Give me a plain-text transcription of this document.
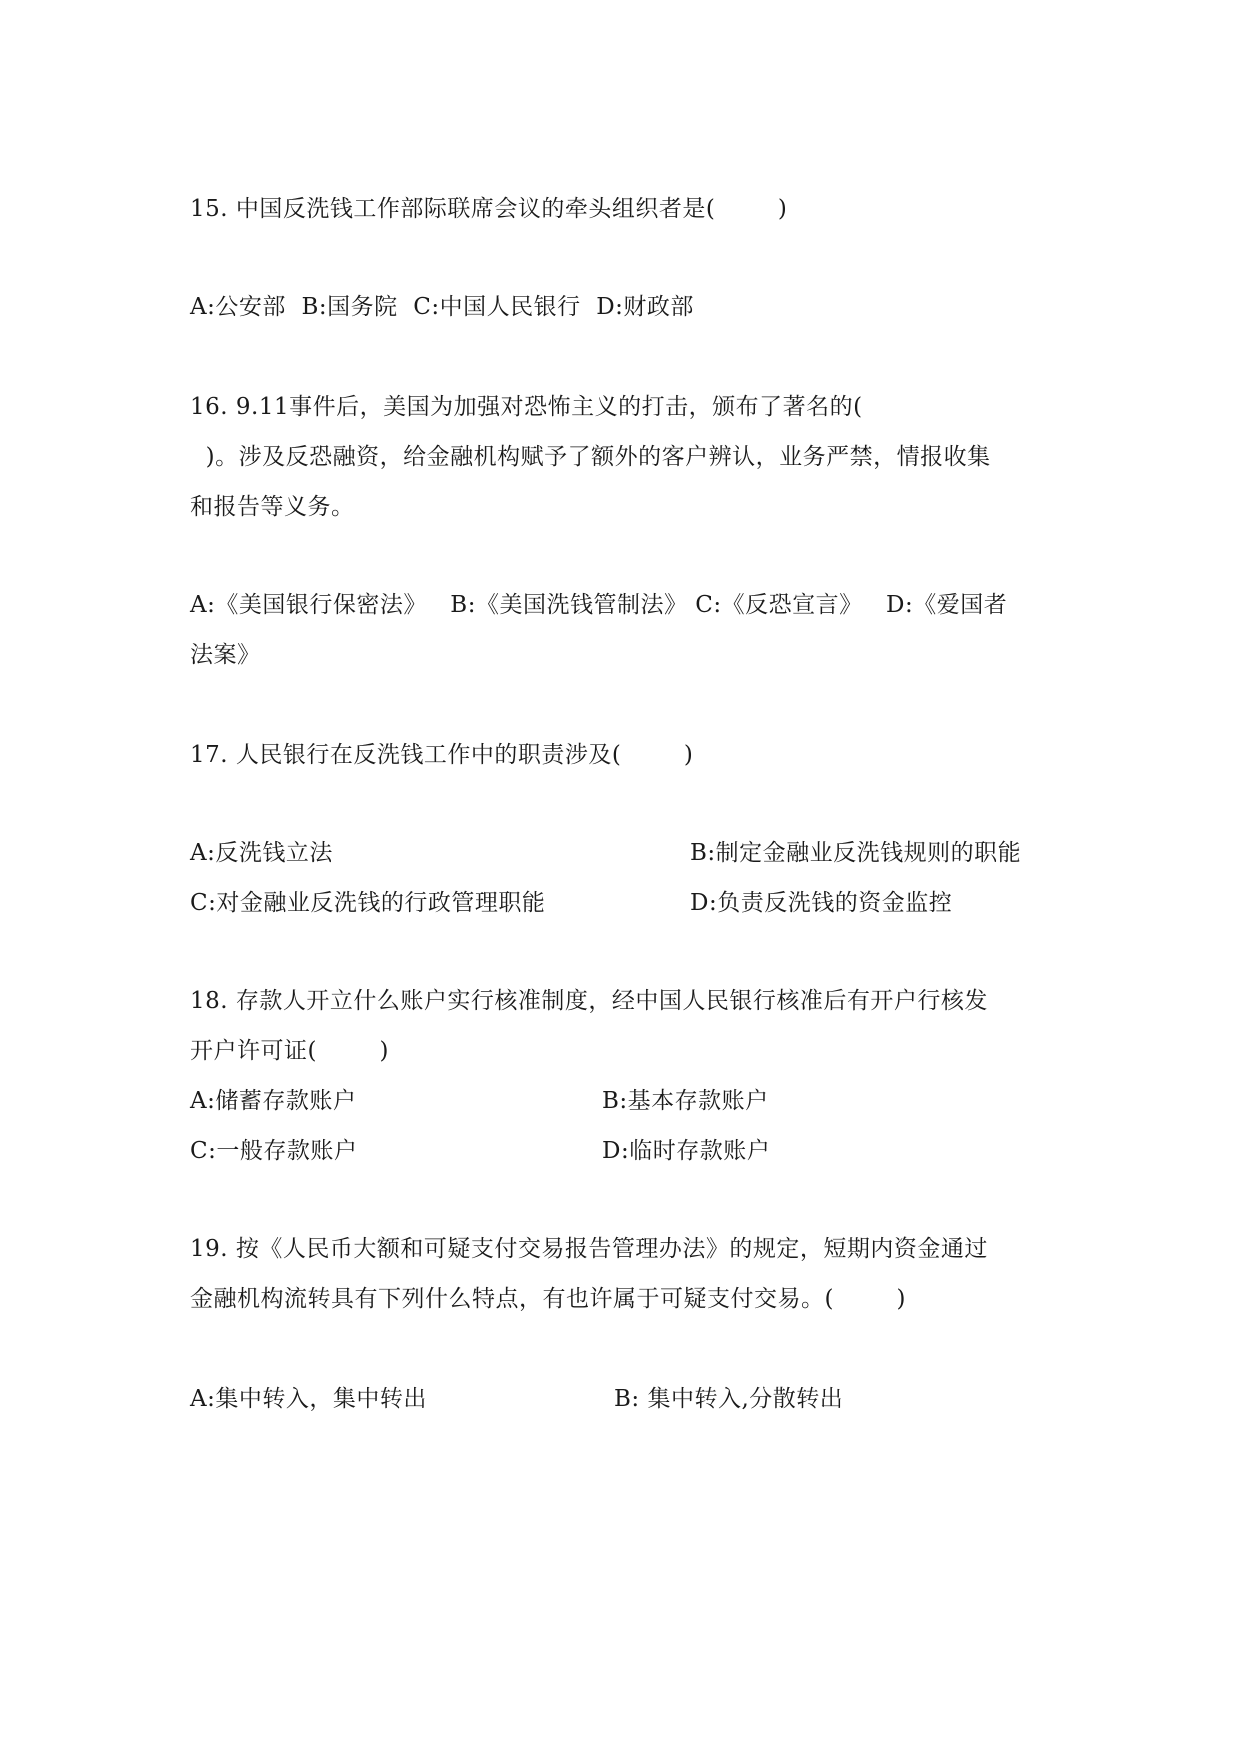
15. 中国反洗钱工作部际联席会议的牵头组织者是(        )
A:公安部  B:国务院  C:中国人民银行  D:财政部
16. 9.11事件后，美国为加强对恐怖主义的打击，颁布了著名的(
)。涉及反恐融资，给金融机构赋予了额外的客户辨认，业务严禁，情报收集
和报告等义务。
A:《美国银行保密法》   B:《美国洗钱管制法》 C:《反恐宣言》   D:《爱国者
法案》
17. 人民银行在反洗钱工作中的职责涉及(        )
A:反洗钱立法	B:制定金融业反洗钱规则的职能
C:对金融业反洗钱的行政管理职能	D:负责反洗钱的资金监控
18. 存款人开立什么账户实行核准制度，经中国人民银行核准后有开户行核发
开户许可证(        )
A:储蓄存款账户	B:基本存款账户
C:一般存款账户	D:临时存款账户
19. 按《人民币大额和可疑支付交易报告管理办法》的规定，短期内资金通过
金融机构流转具有下列什么特点，有也许属于可疑支付交易。(        )
A:集中转入，集中转出	B: 集中转入,分散转出
